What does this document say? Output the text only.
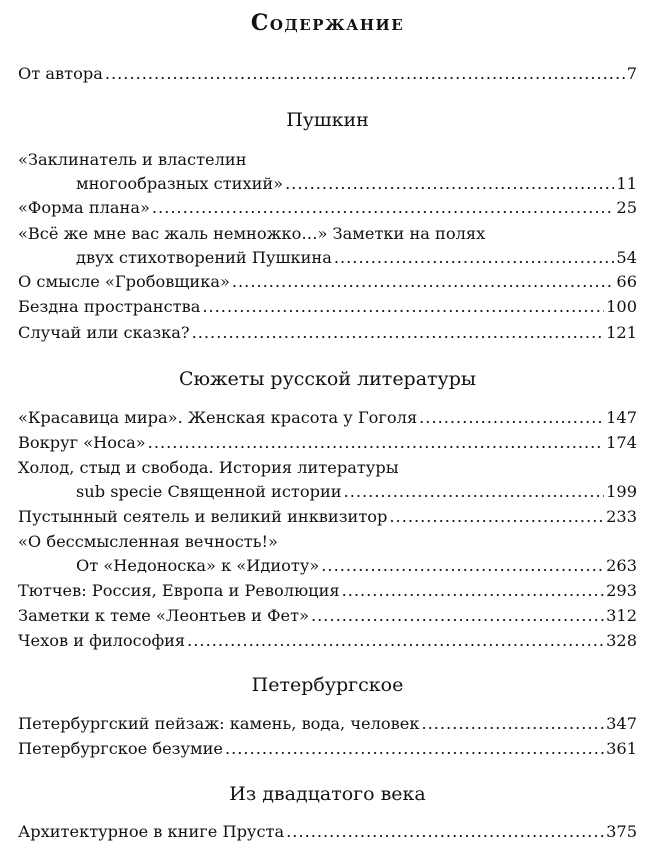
Содержание
От автора .....	7
Пушкин
«Заклинатель и властелин
многообразных стихий» .....	11
«Форма плана» .....	25
«Всё же мне вас жаль немножко…» Заметки на полях
двух стихотворений Пушкина .....	54
О смысле «Гробовщика» .....	66
Бездна пространства .....	100
Случай или сказка? .....	121
Сюжеты русской литературы
«Красавица мира». Женская красота у Гоголя .....	147
Вокруг «Носа» .....	174
Холод, стыд и свобода. История литературы
sub specie Священной истории .....	199
Пустынный сеятель и великий инквизитор .....	233
«О бессмысленная вечность!»
От «Недоноска» к «Идиоту» .....	263
Тютчев: Россия, Европа и Революция .....	293
Заметки к теме «Леонтьев и Фет» .....	312
Чехов и философия .....	328
Петербургское
Петербургский пейзаж: камень, вода, человек .....	347
Петербургское безумие .....	361
Из двадцатого века
Архитектурное в книге Пруста .....	375
